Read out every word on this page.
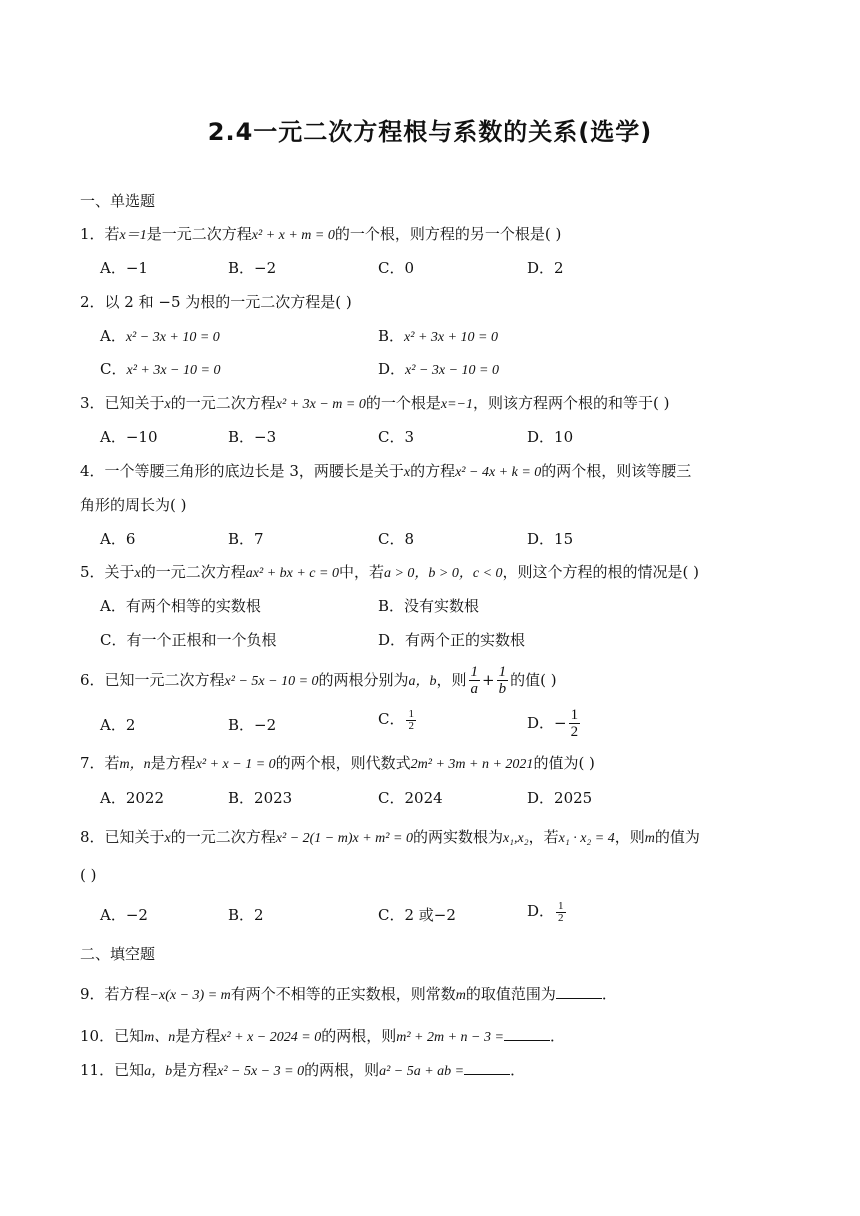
2.4一元二次方程根与系数的关系(选学)
一、单选题
1．若x＝1是一元二次方程x² + x + m = 0的一个根，则方程的另一个根是( )
A．−1	B．−2	C．0	D．2
2．以 2 和 −5 为根的一元二次方程是( )
A．x² − 3x + 10 = 0	B．x² + 3x + 10 = 0
C．x² + 3x − 10 = 0	D．x² − 3x − 10 = 0
3．已知关于x的一元二次方程x² + 3x − m = 0的一个根是x=−1，则该方程两个根的和等于( )
A．−10	B．−3	C．3	D．10
4．一个等腰三角形的底边长是 3，两腰长是关于x的方程x² − 4x + k = 0的两个根，则该等腰三
角形的周长为( )
A．6	B．7	C．8	D．15
5．关于x的一元二次方程ax² + bx + c = 0中，若a > 0，b > 0，c < 0，则这个方程的根的情况是( )
A．有两个相等的实数根	B．没有实数根
C．有一个正根和一个负根	D．有两个正的实数根
6．已知一元二次方程x² − 5x − 10 = 0的两根分别为a，b，则 $\frac{1}{a} + \frac{1}{b}$ 的值( )
A．2	B．−2	C． $\frac{1}{2}$	D．− $\frac{1}{2}$
7．若m，n是方程x² + x − 1 = 0的两个根，则代数式2m² + 3m + n + 2021的值为( )
A．2022	B．2023	C．2024	D．2025
8．已知关于x的一元二次方程x² − 2(1 − m)x + m² = 0的两实数根为x₁,x₂，若x₁ · x₂ = 4，则m的值为
( )
A．−2	B．2	C．2 或−2	D． $\frac{1}{2}$
二、填空题
9．若方程−x(x − 3) = m有两个不相等的正实数根，则常数m的取值范围为	．
10．已知m、n是方程x² + x − 2024 = 0的两根，则m² + 2m + n − 3 =	．
11．已知a，b是方程x² − 5x − 3 = 0的两根，则a² − 5a + ab =	．
